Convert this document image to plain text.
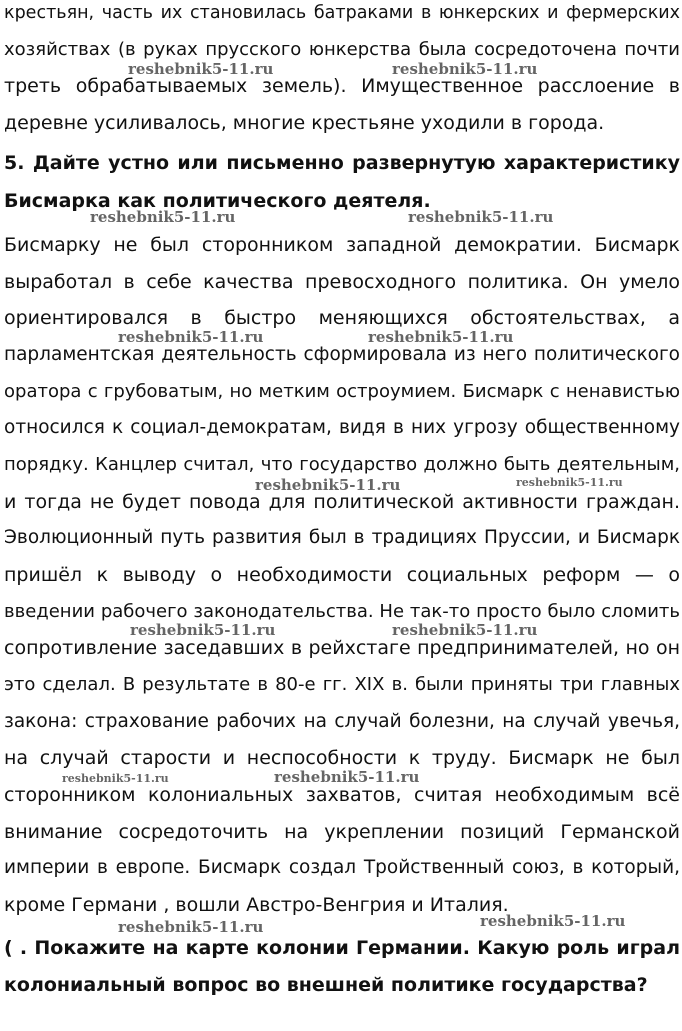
крестьян, часть их становилась батраками в юнкерских и фермерских
хозяйствах (в руках прусского юнкерства была сосредоточена почти
треть обрабатываемых земель). Имущественное расслоение в
деревне усиливалось, многие крестьяне уходили в города.
5. Дайте устно или письменно развернутую характеристику
Бисмарка как политического деятеля.
Бисмарку не был сторонником западной демократии. Бисмарк
выработал в себе качества превосходного политика. Он умело
ориентировался в быстро меняющихся обстоятельствах, а
парламентская деятельность сформировала из него политического
оратора с грубоватым, но метким остроумием. Бисмарк с ненавистью
относился к социал-демократам, видя в них угрозу общественному
порядку. Канцлер считал, что государство должно быть деятельным,
и тогда не будет повода для политической активности граждан.
Эволюционный путь развития был в традициях Пруссии, и Бисмарк
пришёл к выводу о необходимости социальных реформ — о
введении рабочего законодательства. Не так-то просто было сломить
сопротивление заседавших в рейхстаге предпринимателей, но он
это сделал. В результате в 80-е гг. XIX в. были приняты три главных
закона: страхование рабочих на случай болезни, на случай увечья,
на случай старости и неспособности к труду. Бисмарк не был
сторонником колониальных захватов, считая необходимым всё
внимание сосредоточить на укреплении позиций Германской
империи в европе. Бисмарк создал Тройственный союз, в который,
кроме Германи , вошли Австро-Венгрия и Италия.
( . Покажите на карте колонии Германии. Какую роль играл
колониальный вопрос во внешней политике государства?
reshebnik5-11.ru	reshebnik5-11.ru
reshebnik5-11.ru	reshebnik5-11.ru
reshebnik5-11.ru	reshebnik5-11.ru
reshebnik5-11.ru	reshebnik5-11.ru
reshebnik5-11.ru	reshebnik5-11.ru
reshebnik5-11.ru	reshebnik5-11.ru
reshebnik5-11.ru	reshebnik5-11.ru
